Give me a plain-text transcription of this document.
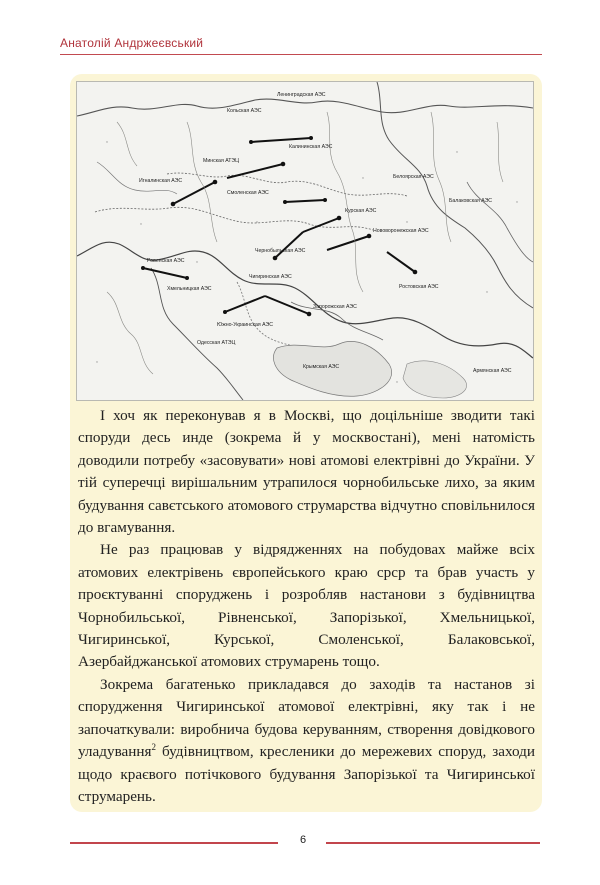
Анатолій Андржеєвський
Белоярская АЭС
Ленинградская АЭС
Калининская АЭС
Смоленская АЭС
Игналинская АЭС
Курская АЭС
Нововоронежская АЭС
Ростовская АЭС
Запорожская АЭС
Южно-Украинская АЭС
Чернобыльская АЭС
Ровенская АЭС
Хмельницкая АЭС
Балаковская АЭС
Армянская АЭС
Крымская АЭС
Чигиринская АЭС
Одесская АТЭЦ
Кольская АЭС
Минская АТЭЦ

І хоч як переконував я в Москві, що доцільніше зводити такі споруди десь инде (зокрема й у москвостані), мені натомість доводили потребу «засовувати» нові атомові електрівні до України. У тій суперечці вирішальним утрапилося чорнобильське лихо, за яким будування савєтського атомового струмарства відчутно сповільнилося до вгамування.

Не раз працював у відрядженнях на побудовах майже всіх атомових електрівень європейського краю срср та брав участь у проєктуванні споруджень і розробляв настанови з будівництва Чорнобильської, Рівненської, Запорізької, Хмельницької, Чигиринської, Курської, Смоленської, Балаковської, Азербайджанської атомових струмарень тощо.

Зокрема багатенько прикладався до заходів та настанов зі спорудження Чигиринської атомової електрівні, яку так і не започаткували: виробнича будова керуванням, створення довідкового уладування$^2$ будівництвом, кресленики до мережевих споруд, заходи щодо краєвого потічкового будування Запорізької та Чигиринської струмарень.

6
